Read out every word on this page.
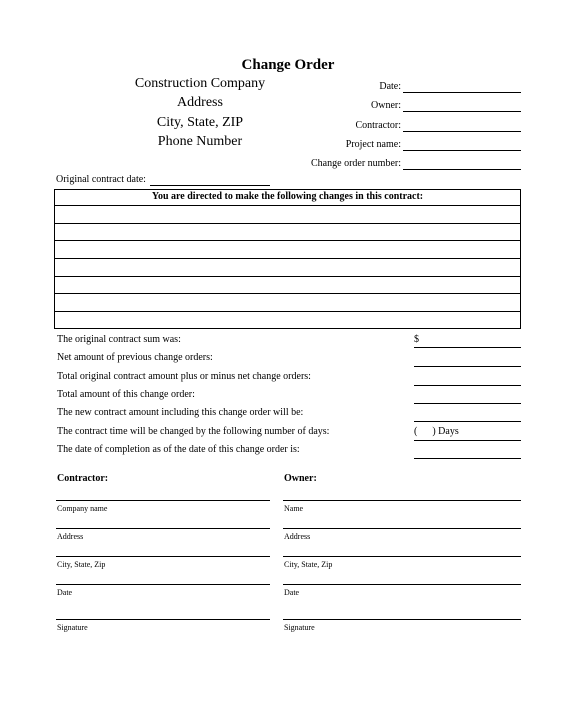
Change Order
Construction Company
Address
City, State, ZIP
Phone Number
Date:
Owner:
Contractor:
Project name:
Change order number:
Original contract date:
You are directed to make the following changes in this contract:
The original contract sum was:	$
Net amount of previous change orders:
Total original contract amount plus or minus net change orders:
Total amount of this change order:
The new contract amount including this change order will be:
The contract time will be changed by the following number of days:	(      ) Days
The date of completion as of the date of this change order is:
Contractor:
Company name
Address
City, State, Zip
Date
Signature
Owner:
Name
Address
City, State, Zip
Date
Signature
